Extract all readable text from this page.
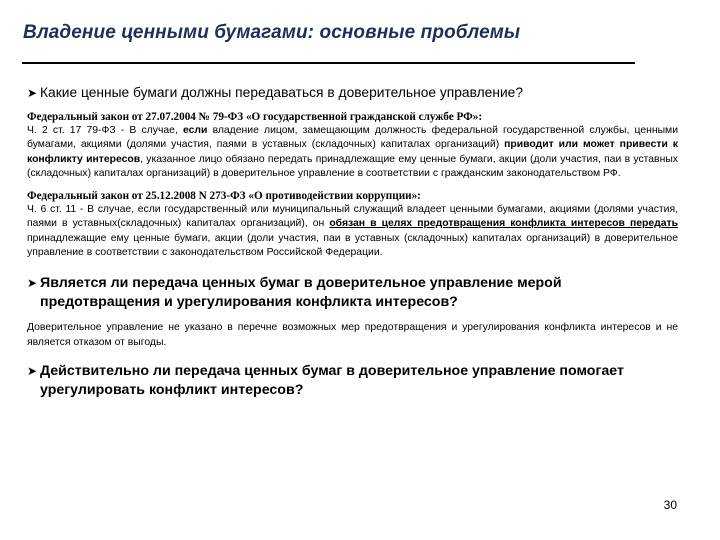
Владение ценными бумагами: основные проблемы
➤ Какие ценные бумаги должны передаваться в доверительное управление?
Федеральный закон от 27.07.2004 № 79-ФЗ «О государственной гражданской службе РФ»:
Ч. 2 ст. 17 79-ФЗ - В случае, если владение лицом, замещающим должность федеральной государственной службы, ценными бумагами, акциями (долями участия, паями в уставных (складочных) капиталах организаций) приводит или может привести к конфликту интересов, указанное лицо обязано передать принадлежащие ему ценные бумаги, акции (доли участия, паи в уставных (складочных) капиталах организаций) в доверительное управление в соответствии с гражданским законодательством РФ.
Федеральный закон от 25.12.2008 N 273-ФЗ «О противодействии коррупции»:
Ч. 6 ст. 11 - В случае, если государственный или муниципальный служащий владеет ценными бумагами, акциями (долями участия, паями в уставных(складочных) капиталах организаций), он обязан в целях предотвращения конфликта интересов передать принадлежащие ему ценные бумаги, акции (доли участия, паи в уставных (складочных) капиталах организаций) в доверительное управление в соответствии с законодательством Российской Федерации.
➤ Является ли передача ценных бумаг в доверительное управление мерой предотвращения и урегулирования конфликта интересов?
Доверительное управление не указано в перечне возможных мер предотвращения и урегулирования конфликта интересов и не является отказом от выгоды.
➤ Действительно ли передача ценных бумаг в доверительное управление помогает урегулировать конфликт интересов?
30
